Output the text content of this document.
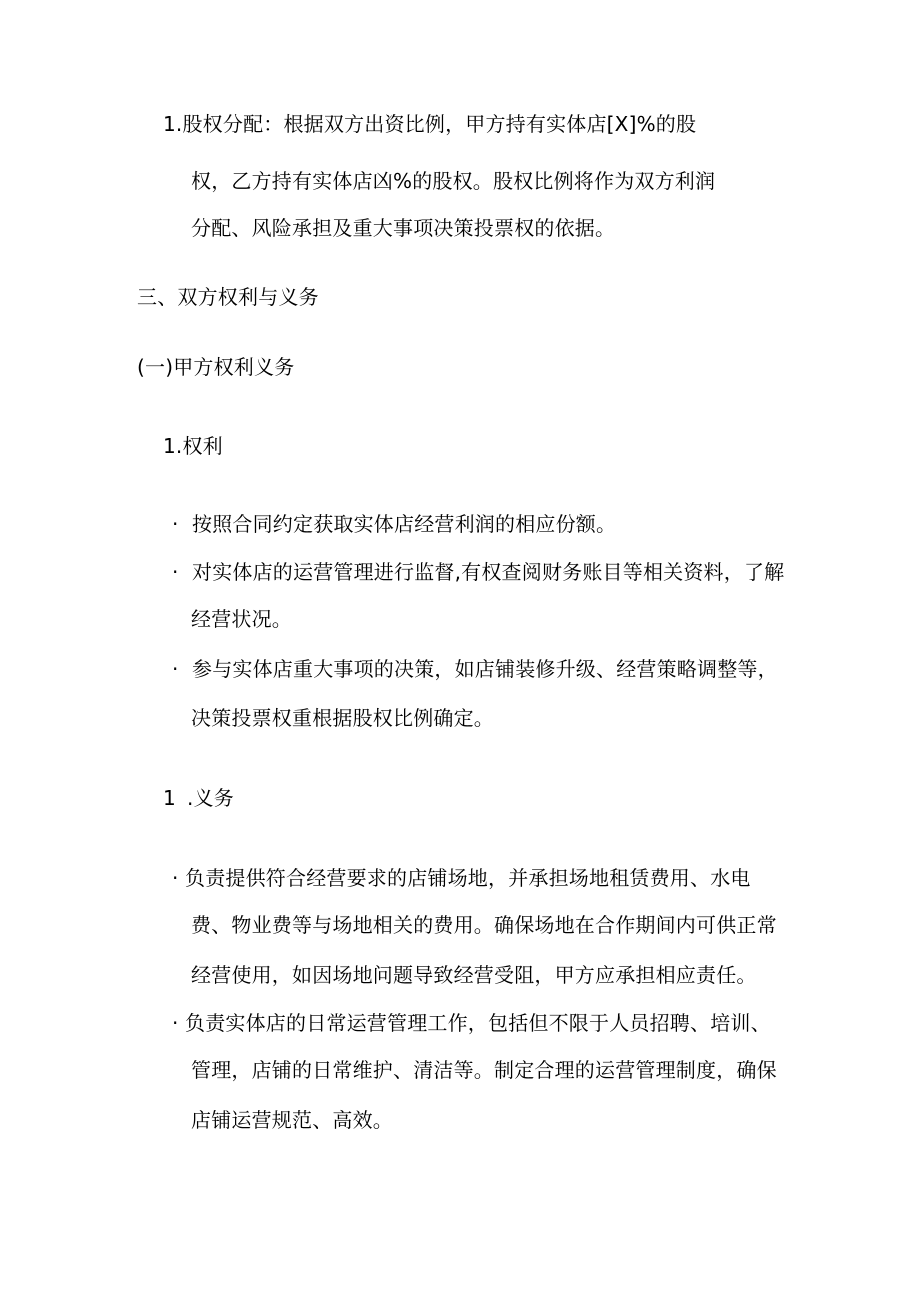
1.股权分配：根据双方出资比例，甲方持有实体店[X]%的股
权，乙方持有实体店凶%的股权。股权比例将作为双方利润
分配、风险承担及重大事项决策投票权的依据。
三、双方权利与义务
(一)甲方权利义务
1.权利
· 按照合同约定获取实体店经营利润的相应份额。
· 对实体店的运营管理进行监督,有权查阅财务账目等相关资料，了解
经营状况。
· 参与实体店重大事项的决策，如店铺装修升级、经营策略调整等，
决策投票权重根据股权比例确定。
1 .义务
· 负责提供符合经营要求的店铺场地，并承担场地租赁费用、水电
费、物业费等与场地相关的费用。确保场地在合作期间内可供正常
经营使用，如因场地问题导致经营受阻，甲方应承担相应责任。
· 负责实体店的日常运营管理工作，包括但不限于人员招聘、培训、
管理，店铺的日常维护、清洁等。制定合理的运营管理制度，确保
店铺运营规范、高效。
